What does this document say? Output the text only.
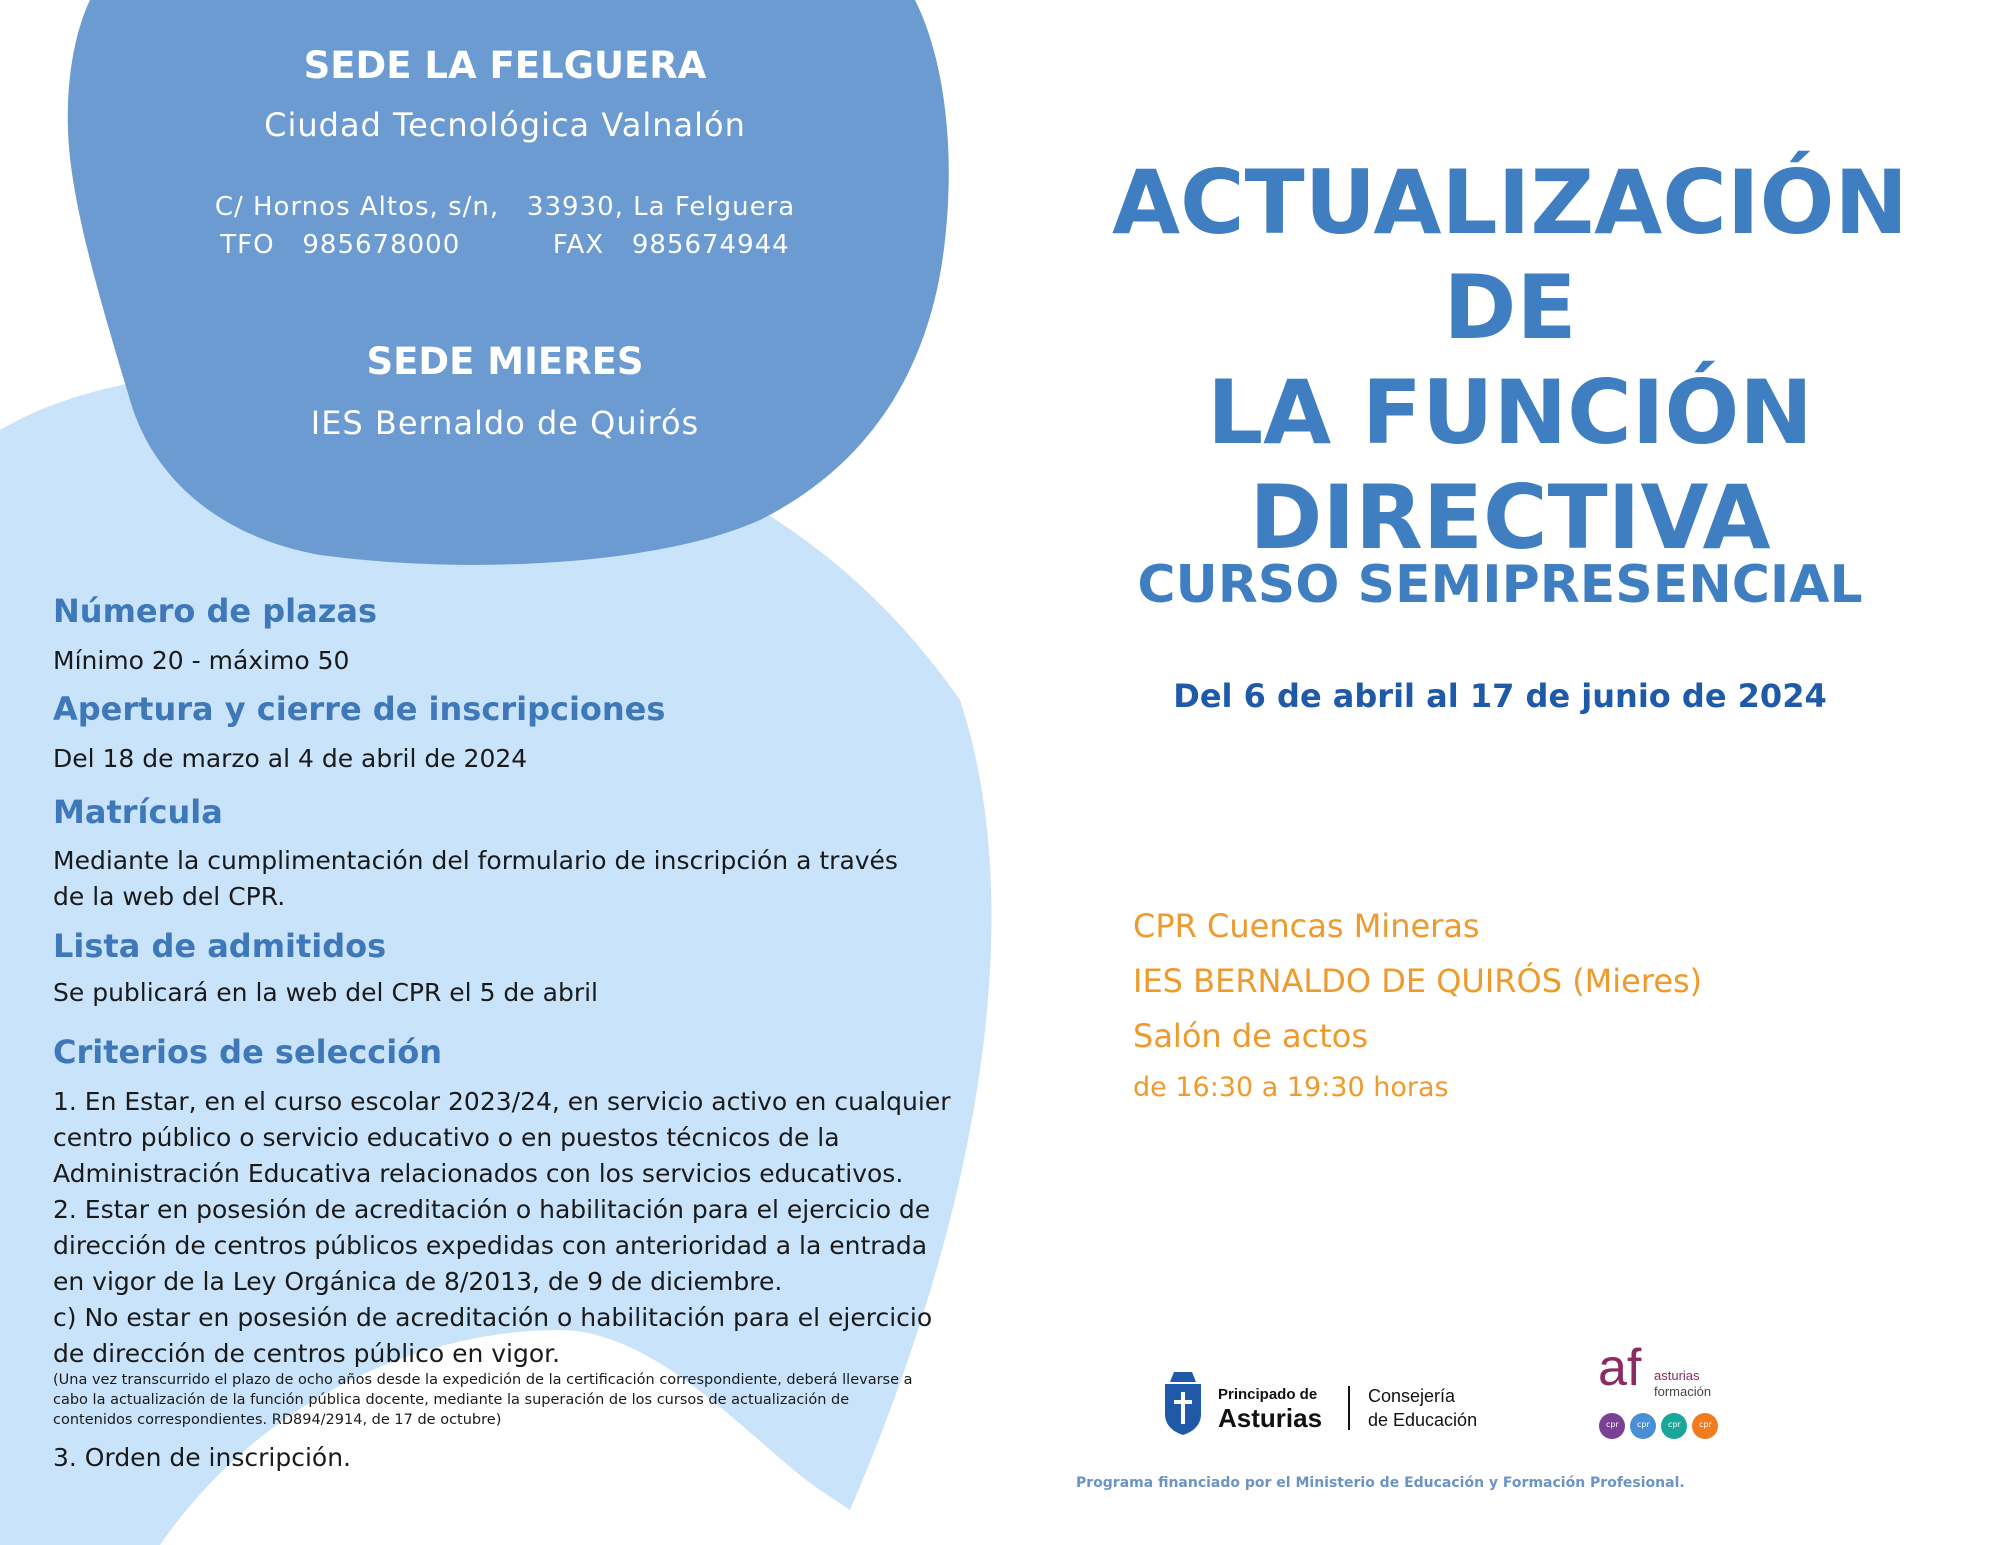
SEDE LA FELGUERA
Ciudad Tecnológica Valnalón
C/ Hornos Altos, s/n,   33930, La Felguera
TFO   985678000          FAX   985674944
SEDE MIERES
IES Bernaldo de Quirós
Número de plazas
Mínimo 20 - máximo 50
Apertura y cierre de inscripciones
Del 18 de marzo al 4 de abril de 2024
Matrícula
Mediante la cumplimentación del formulario de inscripción a través
de la web del CPR.
Lista de admitidos
Se publicará en la web del CPR el 5 de abril
Criterios de selección
1. En Estar, en el curso escolar 2023/24, en servicio activo en cualquier
centro público o servicio educativo o en puestos técnicos de la
Administración Educativa relacionados con los servicios educativos.
2. Estar en posesión de acreditación o habilitación para el ejercicio de
dirección de centros públicos expedidas con anterioridad a la entrada
en vigor de la Ley Orgánica de 8/2013, de 9 de diciembre.
c) No estar en posesión de acreditación o habilitación para el ejercicio
de dirección de centros público en vigor.
(Una vez transcurrido el plazo de ocho años desde la expedición de la certificación correspondiente, deberá llevarse a
cabo la actualización de la función pública docente, mediante la superación de los cursos de actualización de
contenidos correspondientes. RD894/2914, de 17 de octubre)
3. Orden de inscripción.
ACTUALIZACIÓN DE
LA FUNCIÓN
DIRECTIVA
CURSO SEMIPRESENCIAL
Del 6 de abril al 17 de junio de 2024
CPR Cuencas Mineras
IES BERNALDO DE QUIRÓS (Mieres)
Salón de actos
de 16:30 a 19:30 horas
Principado de
Asturias
Consejería
de Educación
af asturias
formación
cpr cpr cpr cpr
Programa financiado por el Ministerio de Educación y Formación Profesional.
